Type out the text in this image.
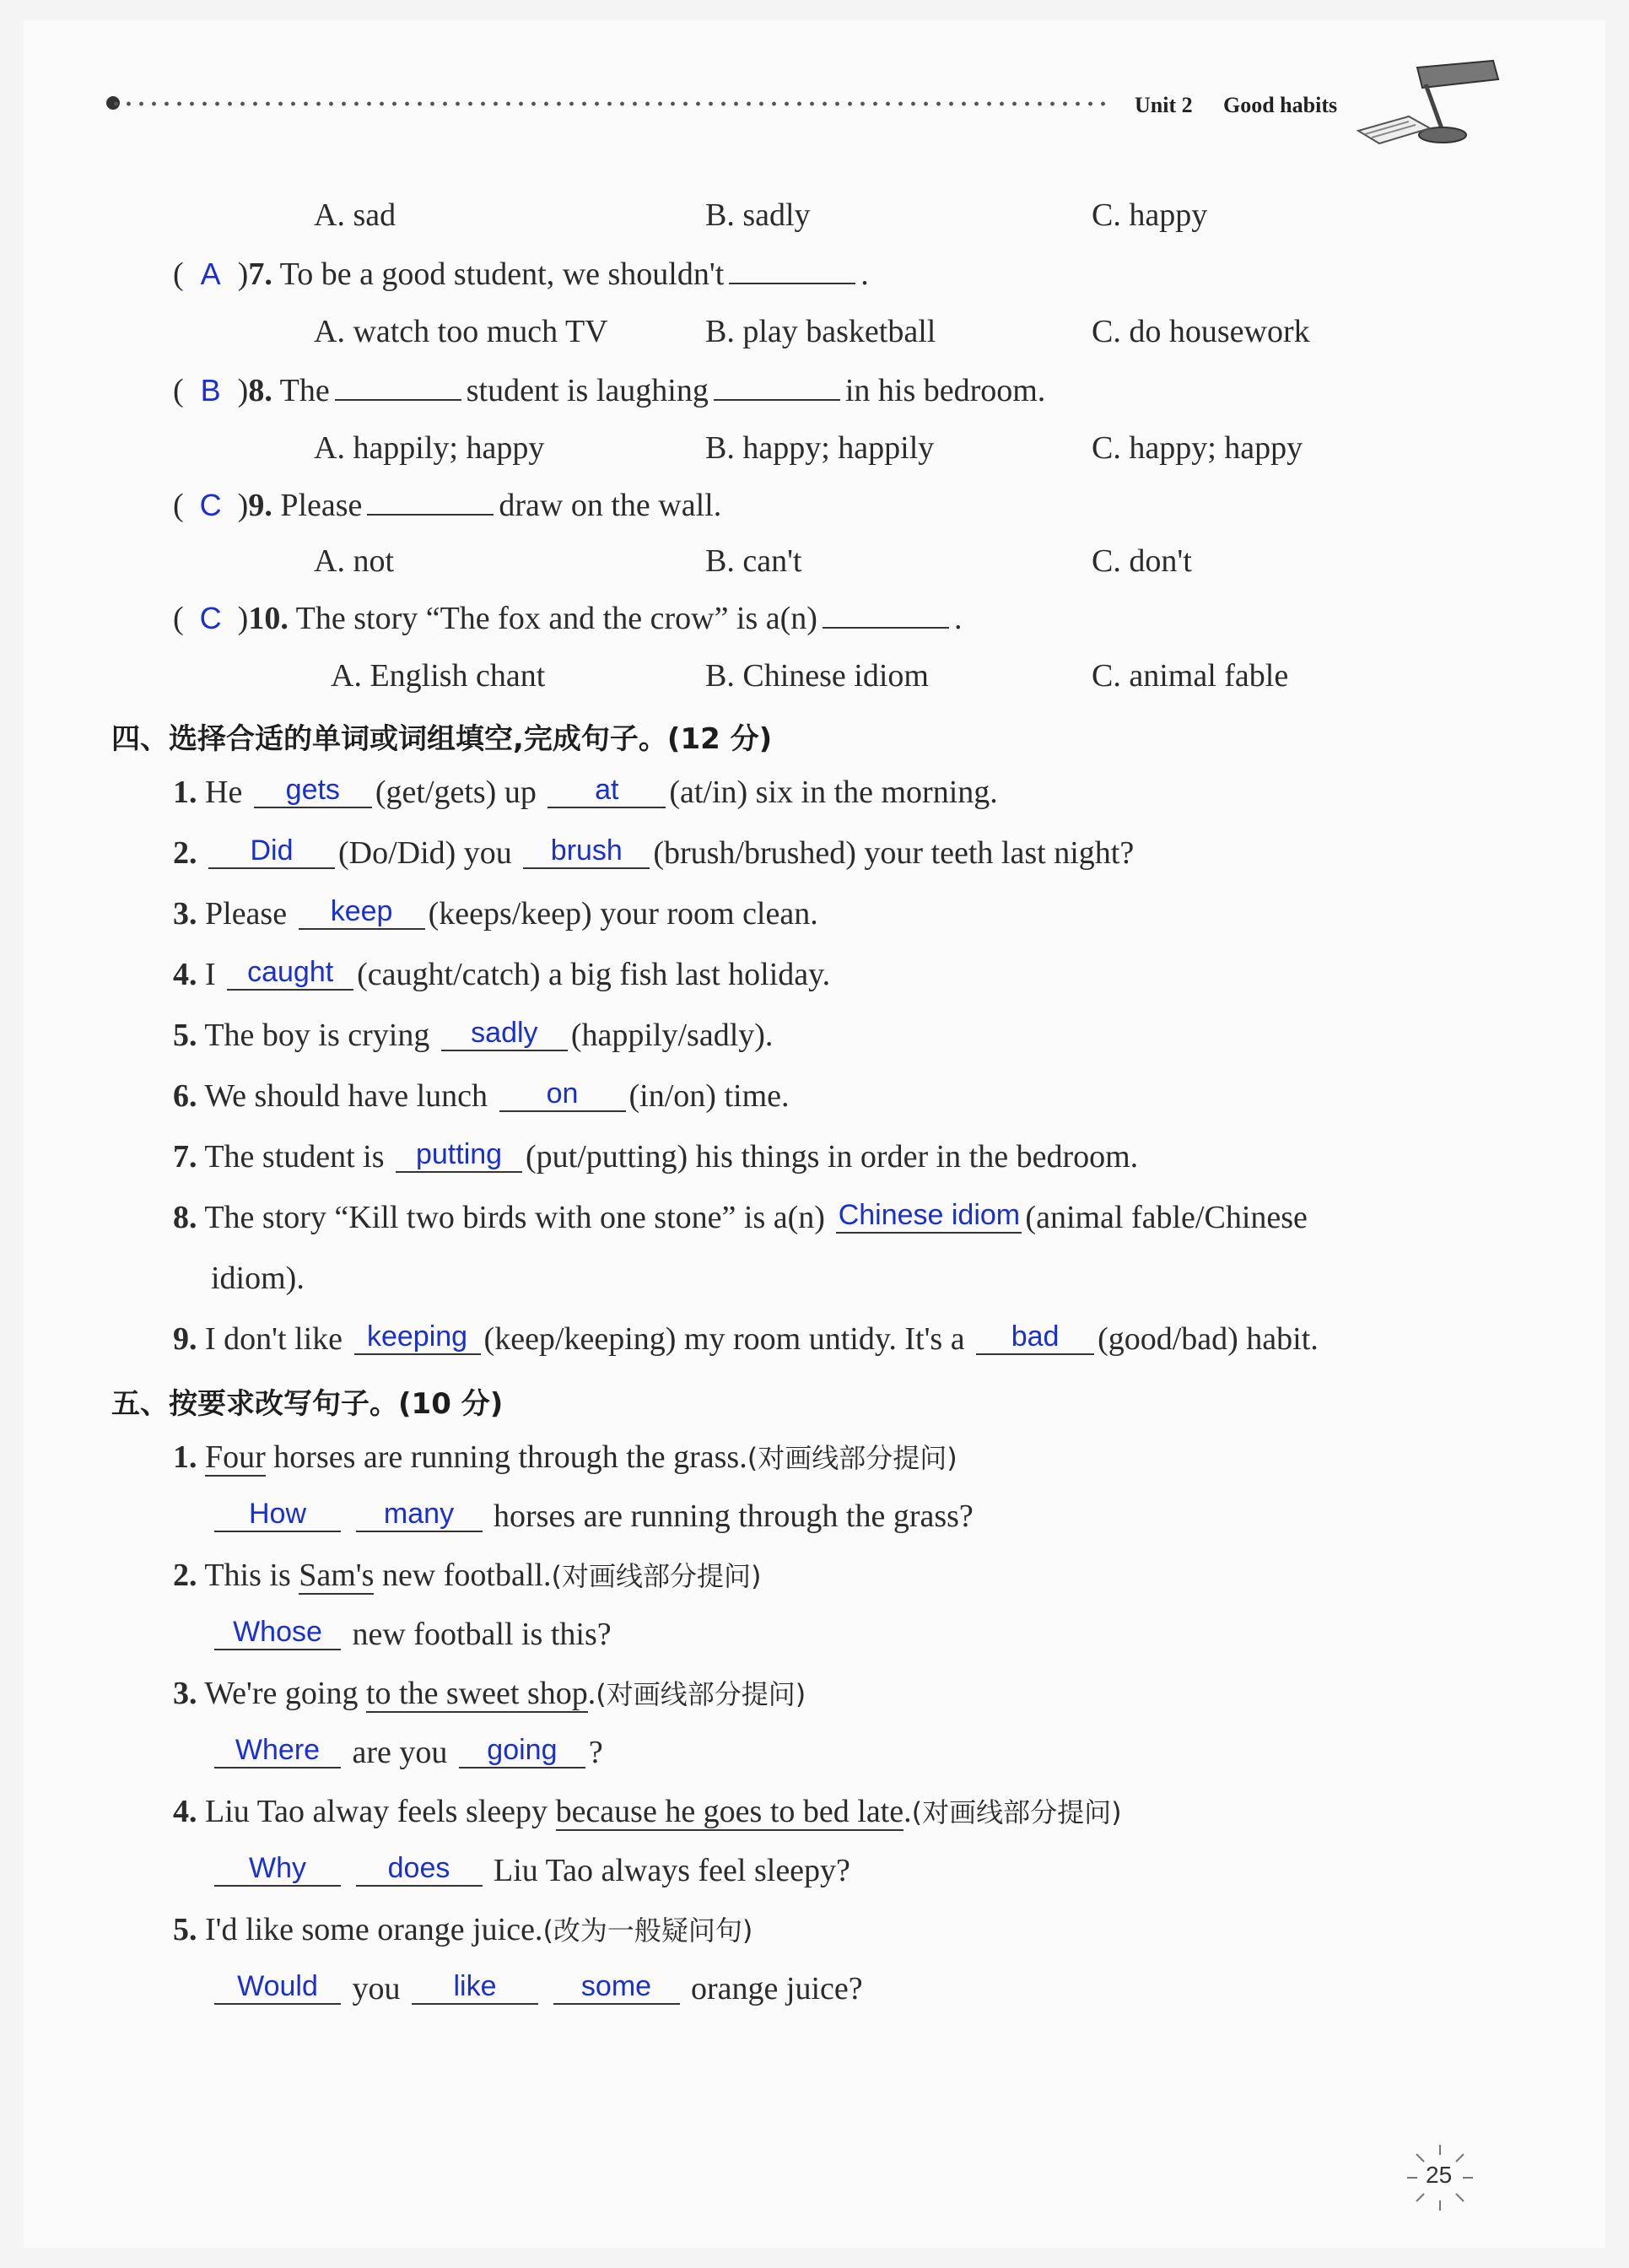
Unit 2 Good habits
A. sad	B. sadly	C. happy
( A )7. To be a good student, we shouldn't	.
A. watch too much TV	B. play basketball	C. do housework
( B )8. The	student is laughing	in his bedroom.
A. happily; happy	B. happy; happily	C. happy; happy
( C )9. Please	draw on the wall.
A. not	B. can't	C. don't
( C )10. The story “The fox and the crow” is a(n)	.
A. English chant	B. Chinese idiom	C. animal fable
四、选择合适的单词或词组填空,完成句子。(12 分)
1. He gets (get/gets) up at (at/in) six in the morning.
2. Did (Do/Did) you brush (brush/brushed) your teeth last night?
3. Please keep (keeps/keep) your room clean.
4. I caught (caught/catch) a big fish last holiday.
5. The boy is crying sadly (happily/sadly).
6. We should have lunch on (in/on) time.
7. The student is putting (put/putting) his things in order in the bedroom.
8. The story “Kill two birds with one stone” is a(n) Chinese idiom (animal fable/Chinese
idiom).
9. I don't like keeping (keep/keeping) my room untidy. It's a bad (good/bad) habit.
五、按要求改写句子。(10 分)
1. Four horses are running through the grass.(对画线部分提问)
How	many horses are running through the grass?
2. This is Sam's new football.(对画线部分提问)
Whose new football is this?
3. We're going to the sweet shop.(对画线部分提问)
Where are you going ?
4. Liu Tao alway feels sleepy because he goes to bed late.(对画线部分提问)
Why	does Liu Tao always feel sleepy?
5. I'd like some orange juice.(改为一般疑问句)
Would you like	some orange juice?
25
